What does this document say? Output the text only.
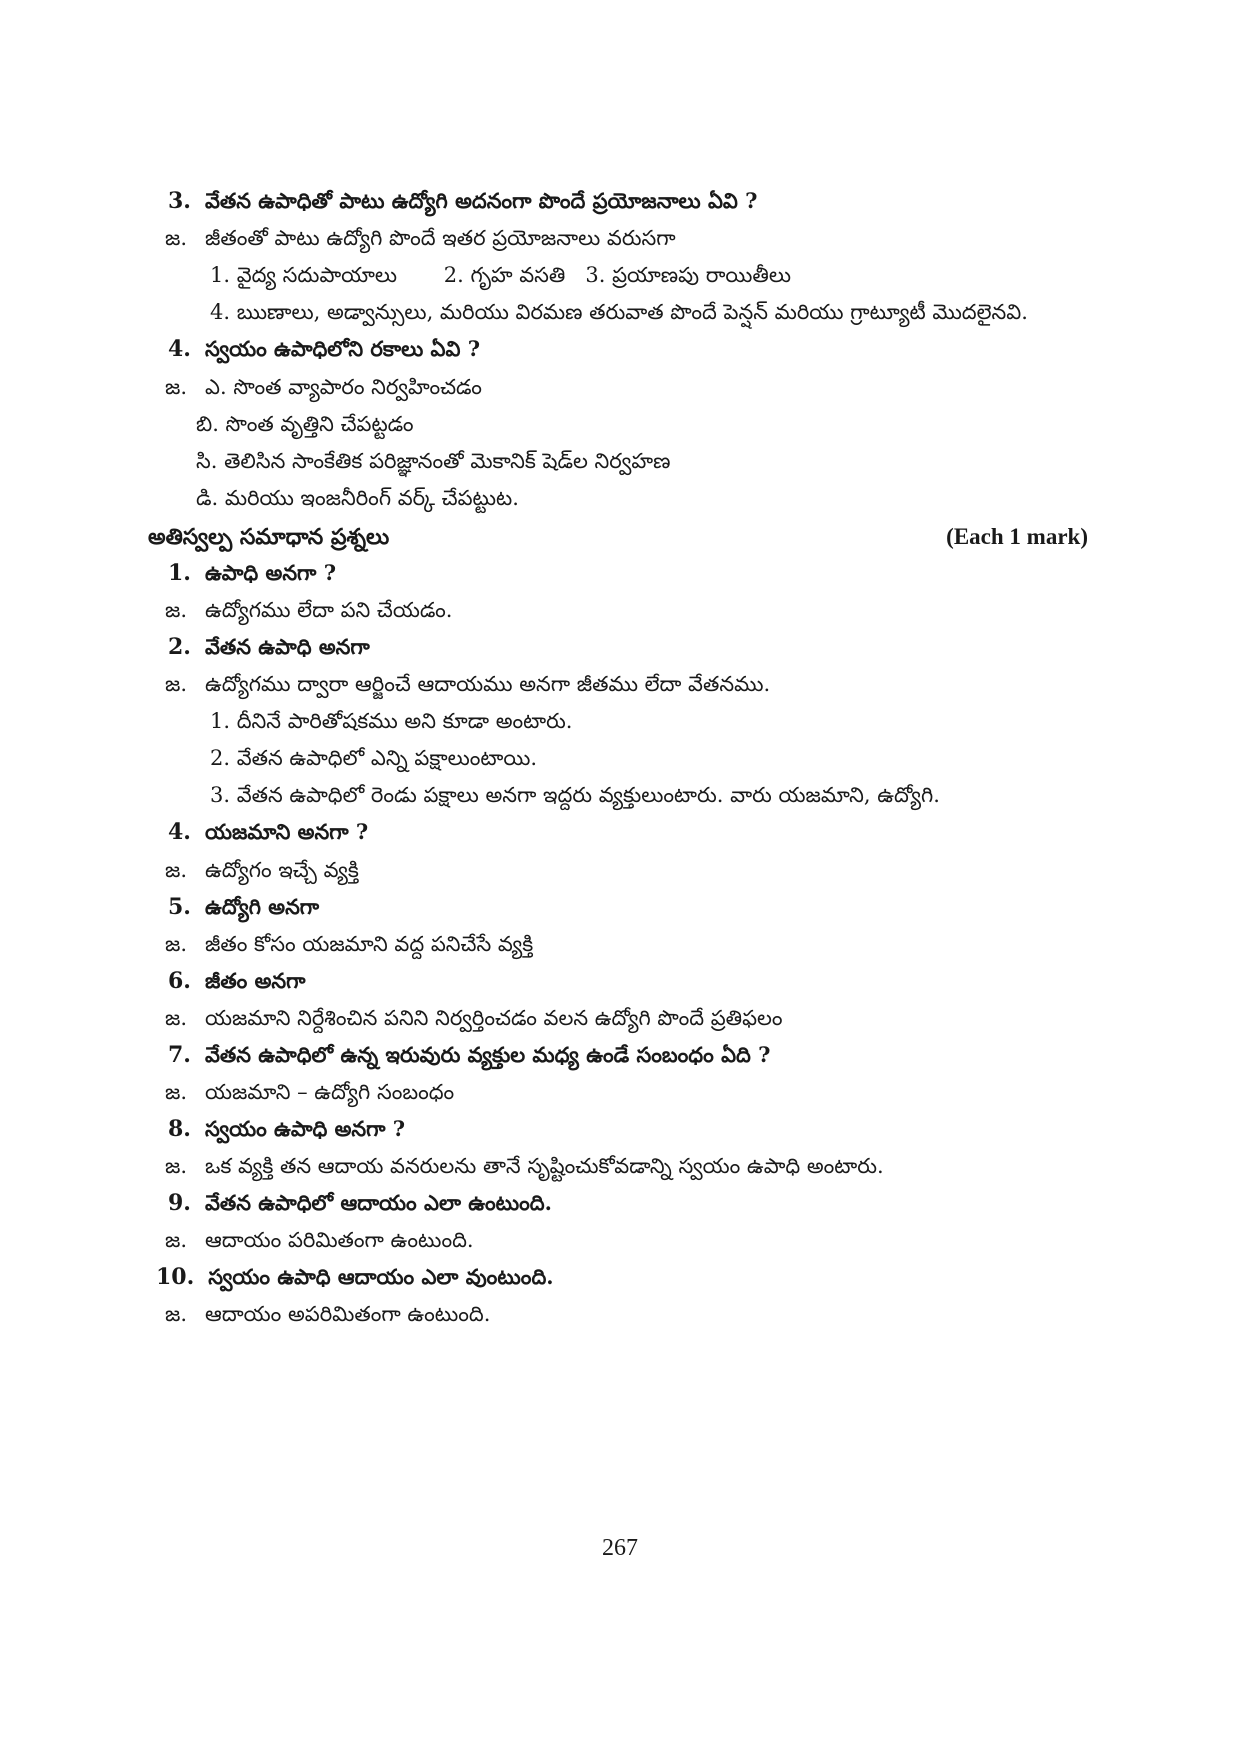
3. వేతన ఉపాధితో పాటు ఉద్యోగి అదనంగా పొందే ప్రయోజనాలు ఏవి ?
జ. జీతంతో పాటు ఉద్యోగి పొందే ఇతర ప్రయోజనాలు వరుసగా
1. వైద్య సదుపాయాలు       2. గృహ వసతి   3. ప్రయాణపు రాయితీలు
4. ఋణాలు, అడ్వాన్సులు, మరియు విరమణ తరువాత పొందే పెన్షన్ మరియు గ్రాట్యూటీ మొదలైనవి.
4. స్వయం ఉపాధిలోని రకాలు ఏవి ?
జ. ఎ. సొంత వ్యాపారం నిర్వహించడం
బి. సొంత వృత్తిని చేపట్టడం
సి. తెలిసిన సాంకేతిక పరిజ్ఞానంతో మెకానిక్ షెడ్‌ల నిర్వహణ
డి. మరియు ఇంజనీరింగ్ వర్క్ చేపట్టుట.
అతిస్వల్ప సమాధాన ప్రశ్నలు	(Each 1 mark)
1. ఉపాధి అనగా ?
జ. ఉద్యోగము లేదా పని చేయడం.
2. వేతన ఉపాధి అనగా
జ. ఉద్యోగము ద్వారా ఆర్జించే ఆదాయము అనగా జీతము లేదా వేతనము.
1. దీనినే పారితోషకము అని కూడా అంటారు.
2. వేతన ఉపాధిలో ఎన్ని పక్షాలుంటాయి.
3. వేతన ఉపాధిలో రెండు పక్షాలు అనగా ఇద్దరు వ్యక్తులుంటారు. వారు యజమాని, ఉద్యోగి.
4. యజమాని అనగా ?
జ. ఉద్యోగం ఇచ్చే వ్యక్తి
5. ఉద్యోగి అనగా
జ. జీతం కోసం యజమాని వద్ద పనిచేసే వ్యక్తి
6. జీతం అనగా
జ. యజమాని నిర్దేశించిన పనిని నిర్వర్తించడం వలన ఉద్యోగి పొందే ప్రతిఫలం
7. వేతన ఉపాధిలో ఉన్న ఇరువురు వ్యక్తుల మధ్య ఉండే సంబంధం ఏది ?
జ. యజమాని – ఉద్యోగి సంబంధం
8. స్వయం ఉపాధి అనగా ?
జ. ఒక వ్యక్తి తన ఆదాయ వనరులను తానే సృష్టించుకోవడాన్ని స్వయం ఉపాధి అంటారు.
9. వేతన ఉపాధిలో ఆదాయం ఎలా ఉంటుంది.
జ. ఆదాయం పరిమితంగా ఉంటుంది.
10. స్వయం ఉపాధి ఆదాయం ఎలా వుంటుంది.
జ. ఆదాయం అపరిమితంగా ఉంటుంది.
267
